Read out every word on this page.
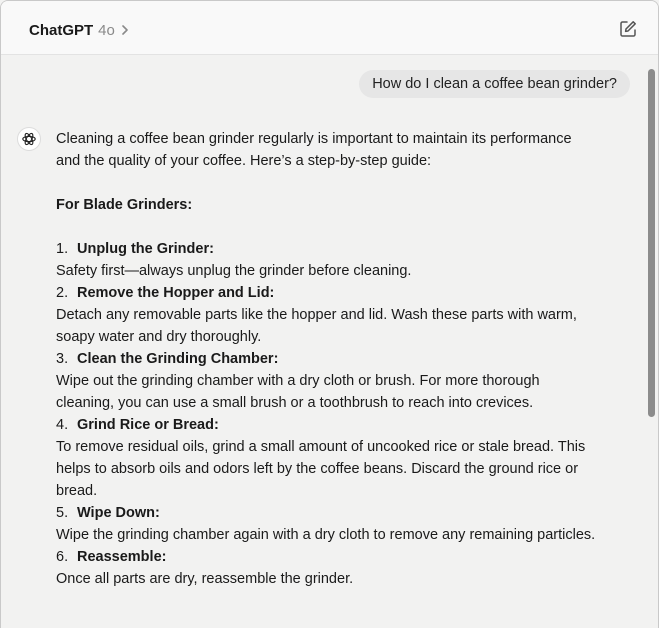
ChatGPT 4o
How do I clean a coffee bean grinder?

Cleaning a coffee bean grinder regularly is important to maintain its performance and the quality of your coffee. Here’s a step-by-step guide:

For Blade Grinders:

1. Unplug the Grinder:

Safety first—always unplug the grinder before cleaning.

2. Remove the Hopper and Lid:

Detach any removable parts like the hopper and lid. Wash these parts with warm, soapy water and dry thoroughly.

3. Clean the Grinding Chamber:

Wipe out the grinding chamber with a dry cloth or brush. For more thorough cleaning, you can use a small brush or a toothbrush to reach into crevices.

4. Grind Rice or Bread:

To remove residual oils, grind a small amount of uncooked rice or stale bread. This helps to absorb oils and odors left by the coffee beans. Discard the ground rice or bread.

5. Wipe Down:

Wipe the grinding chamber again with a dry cloth to remove any remaining particles.

6. Reassemble:

Once all parts are dry, reassemble the grinder.
